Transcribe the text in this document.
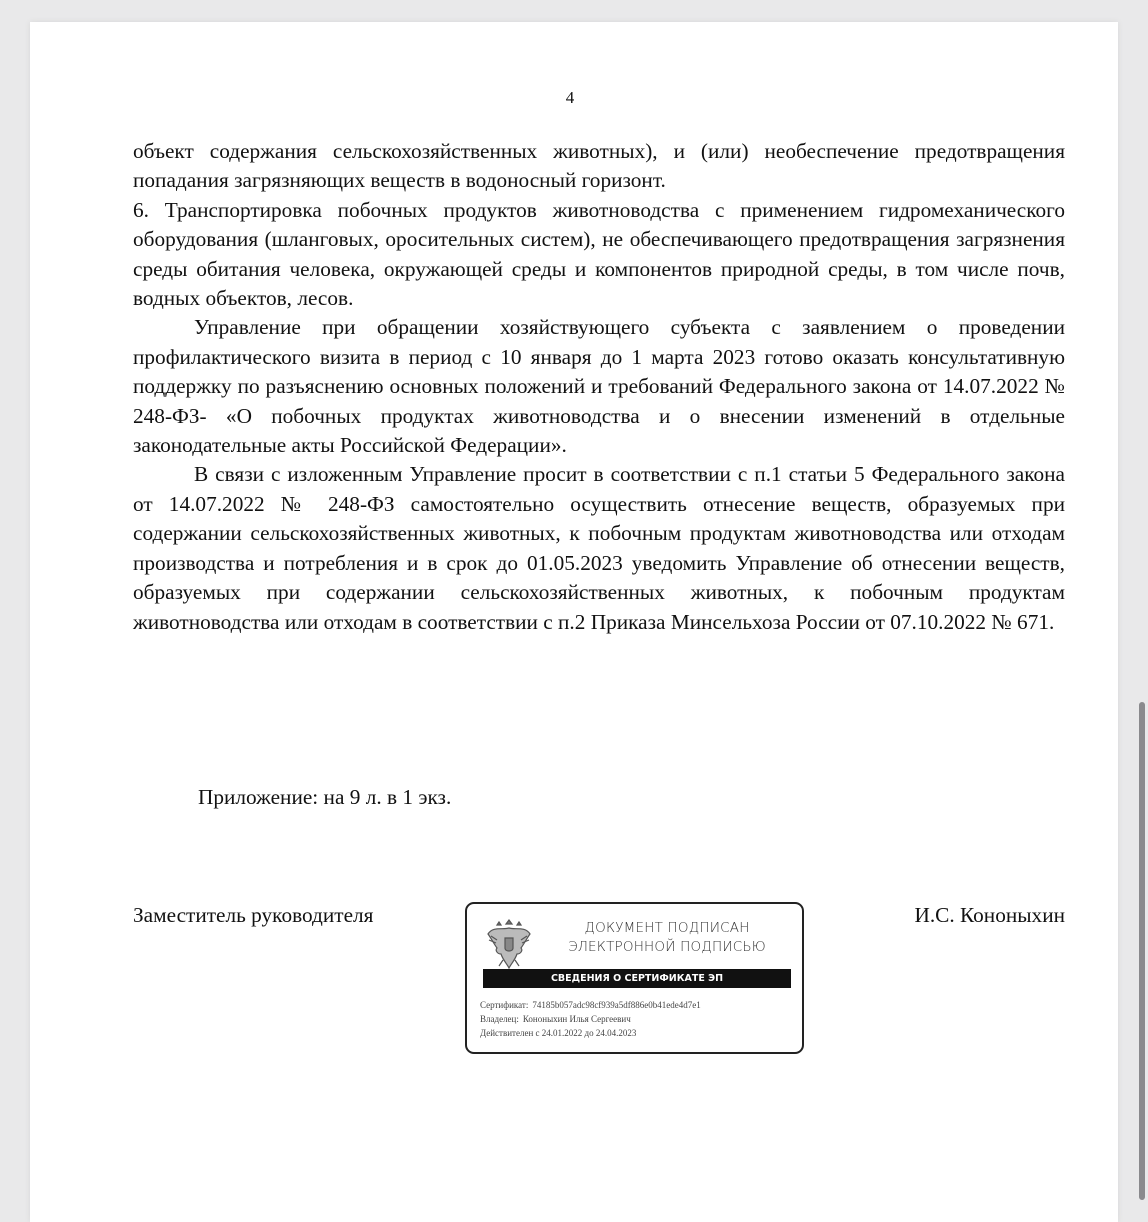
4

объект содержания сельскохозяйственных животных), и (или) необеспечение предотвращения попадания загрязняющих веществ в водоносный горизонт.

6. Транспортировка побочных продуктов животноводства с применением гидромеханического оборудования (шланговых, оросительных систем), не обеспечивающего предотвращения загрязнения среды обитания человека, окружающей среды и компонентов природной среды, в том числе почв, водных объектов, лесов.

Управление при обращении хозяйствующего субъекта с заявлением о проведении профилактического визита в период с 10 января до 1 марта 2023 готово оказать консультативную поддержку по разъяснению основных положений и требований Федерального закона от 14.07.2022 № 248-ФЗ- «О побочных продуктах животноводства и о внесении изменений в отдельные законодательные акты Российской Федерации».

В связи с изложенным Управление просит в соответствии с п.1 статьи 5 Федерального закона от 14.07.2022 № 248-ФЗ самостоятельно осуществить отнесение веществ, образуемых при содержании сельскохозяйственных животных, к побочным продуктам животноводства или отходам производства и потребления и в срок до 01.05.2023 уведомить Управление об отнесении веществ, образуемых при содержании сельскохозяйственных животных, к побочным продуктам животноводства или отходам в соответствии с п.2 Приказа Минсельхоза России от 07.10.2022 № 671.

Приложение: на 9 л. в 1 экз.
Заместитель руководителя	И.С. Кононыхин
ДОКУМЕНТ ПОДПИСАН
ЭЛЕКТРОННОЙ ПОДПИСЬЮ
СВЕДЕНИЯ О СЕРТИФИКАТЕ ЭП
Сертификат: 74185b057adc98cf939a5df886e0b41ede4d7e1
Владелец: Кононыхин Илья Сергеевич
Действителен с 24.01.2022 до 24.04.2023
